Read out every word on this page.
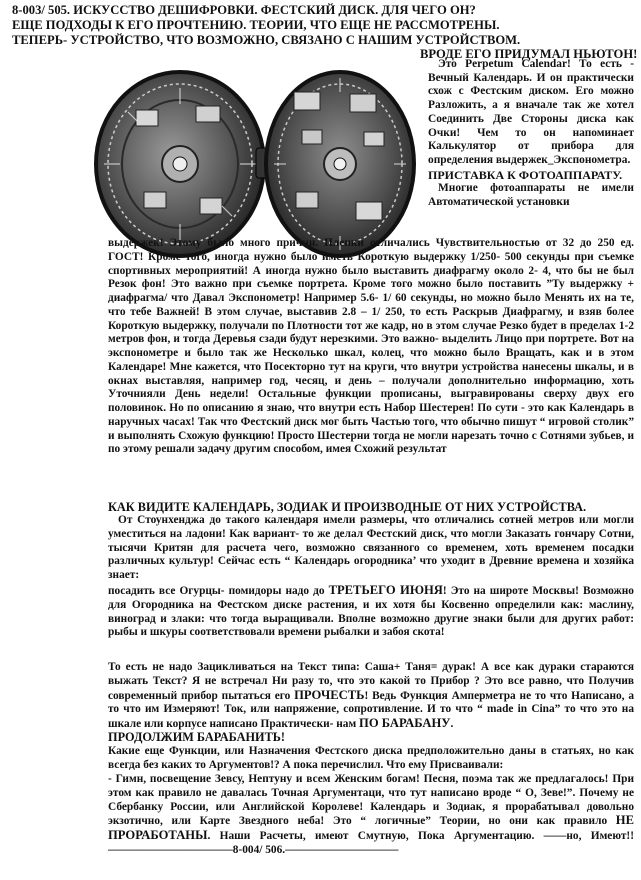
8-003/ 505. ИСКУССТВО ДЕШИФРОВКИ. ФЕСТСКИЙ ДИСК. ДЛЯ ЧЕГО ОН?

ЕЩЕ ПОДХОДЫ К ЕГО ПРОЧТЕНИЮ. ТЕОРИИ, ЧТО ЕЩЕ НЕ РАССМОТРЕНЫ.

ТЕПЕРЬ- УСТРОЙСТВО, ЧТО ВОЗМОЖНО, СВЯЗАНО С НАШИМ УСТРОЙСТВОМ.

ВРОДЕ ЕГО ПРИДУМАЛ НЬЮТОН!

Это Perpetum Calendar! То есть - Вечный Календарь. И он практически схож с Фестским диском. Его можно Разложить, а я вначале так же хотел Соединить Две Стороны диска как Очки! Чем то он напоминает Калькулятор от прибора для определения выдержек_Экспонометра.
ПРИСТАВКА К ФОТОАППАРАТУ.
Многие фотоаппараты не имели Автоматической установки

выдержек! Этому было много причин. Пленки отличались Чувствительностью от 32 до 250 ед. ГОСТ! Кроме того, иногда нужно было иметь Короткую выдержку 1/250- 500 секунды при съемке спортивных мероприятий! А иногда нужно было выставить диафрагму около 2- 4, что бы не был Резок фон! Это важно при съемке портрета. Кроме того можно было поставить ”Ту выдержку + диафрагма/ что Давал Экспонометр! Например 5.6- 1/ 60 секунды, но можно было Менять их на те, что тебе Важней! В этом случае, выставив 2.8 – 1/ 250, то есть Раскрыв Диафрагму, и взяв более Короткую выдержку, получали по Плотности тот же кадр, но в этом случае Резко будет в пределах 1-2 метров фон, и тогда Деревья сзади будут нерезкими. Это важно- выделить Лицо при портрете. Вот на экспонометре и было так же Несколько шкал, колец, что можно было Вращать, как и в этом Календаре! Мне кажется, что Посекторно тут на круги, что внутри устройства нанесены шкалы, и в окнах выставляя, например год, чесяц, и день – получали дополнительно информацию, хоть Уточнияли День недели! Остальные функции прописаны, выгравированы сверху двух его половинок. Но по описанию я знаю, что внутри есть Набор Шестерен! По сути - это как Календарь в наручных часах! Так что Фестский диск мог быть Частью того, что обычно пишут “ игровой столик” и выполнять Схожую функцию! Просто Шестерни тогда не могли нарезать точно с Сотнями зубьев, и по этому решали задачу другим способом, имея Схожий результат

КАК ВИДИТЕ КАЛЕНДАРЬ, ЗОДИАК И ПРОИЗВОДНЫЕ ОТ НИХ УСТРОЙСТВА.

От Стоунхенджа до такого календаря имели размеры, что отличались сотней метров или могли уместиться на ладони! Как вариант- то же делал Фестский диск, что могли Заказать гончару Сотни, тысячи Критян для расчета чего, возможно связанного со временем, хоть временем посадки различных культур! Сейчас есть “ Календарь огородника’ что уходит в Древние времена и хозяйка знает:

посадить все Огурцы- помидоры надо до ТРЕТЬЕГО ИЮНЯ! Это на широте Москвы! Возможно для Огородника на Фестском диске растения, и их хотя бы Косвенно определили как: маслину, виноград и злаки: что тогда выращивали. Вполне возможно другие знаки были для других работ: рыбы и шкуры соответствовали времени рыбалки и забоя скота!

То есть не надо Зацикливаться на Текст типа: Саша+ Таня= дурак! А все как дураки стараются выжать Текст? Я не встречал Ни разу то, что это какой то Прибор ? Это все равно, что Получив современный прибор пытаться его ПРОЧЕСТЬ! Ведь Функция Амперметра не то что Написано, а то что им Измеряют! Ток, или напряжение, сопротивление. И то что “ made in Cina” то что это на шкале или корпусе написано Практически- нам ПО БАРАБАНУ.

ПРОДОЛЖИМ БАРАБАНИТЬ!

Какие еще Функции, или Назначения Фестского диска предположительно даны в статьях, но как всегда без каких то Аргументов!? А пока перечислил. Что ему Присваивали:

- Гимн, посвещение Зевсу, Нептуну и всем Женским богам! Песня, поэма так же предлагалось! При этом как правило не давалась Точная Аргументаци, что тут написано вроде “ О, Зеве!”. Почему не Сбербанку России, или Английской Королеве! Календарь и Зодиак, я прорабатывал довольно экзотично, или Карте Звездного неба! Это “ логичные” Теории, но они как правило НЕ ПРОРАБОТАНЫ. Наши Расчеты, имеют Смутную, Пока Аргументацию. ——но, Имеют!!———————————8-004/ 506.——————————
